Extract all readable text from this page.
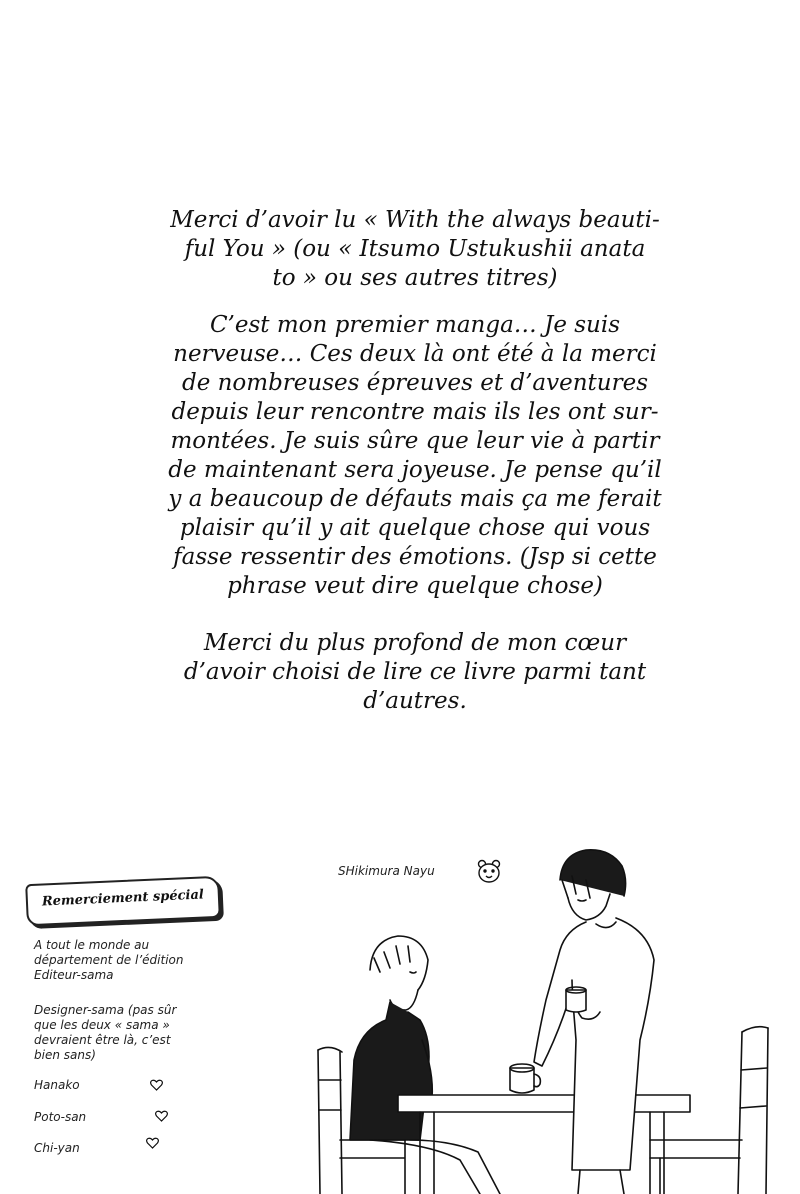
Merci d’avoir lu « With the always beauti-
ful You » (ou « Itsumo Ustukushii anata
to » ou ses autres titres)

C’est mon premier manga… Je suis
nerveuse… Ces deux là ont été à la merci
de nombreuses épreuves et d’aventures
depuis leur rencontre mais ils les ont sur-
montées. Je suis sûre que leur vie à partir
de maintenant sera joyeuse. Je pense qu’il
y a beaucoup de défauts mais ça me ferait
plaisir qu’il y ait quelque chose qui vous
fasse ressentir des émotions. (Jsp si cette
phrase veut dire quelque chose)

Merci du plus profond de mon cœur
d’avoir choisi de lire ce livre parmi tant
d’autres.

SHikimura Nayu
Remerciement spécial

A tout le monde au
département de l’édition
Editeur-sama

Designer-sama (pas sûr
que les deux « sama »
devraient être là, c’est
bien sans)

Hanako
Poto-san
Chi-yan
